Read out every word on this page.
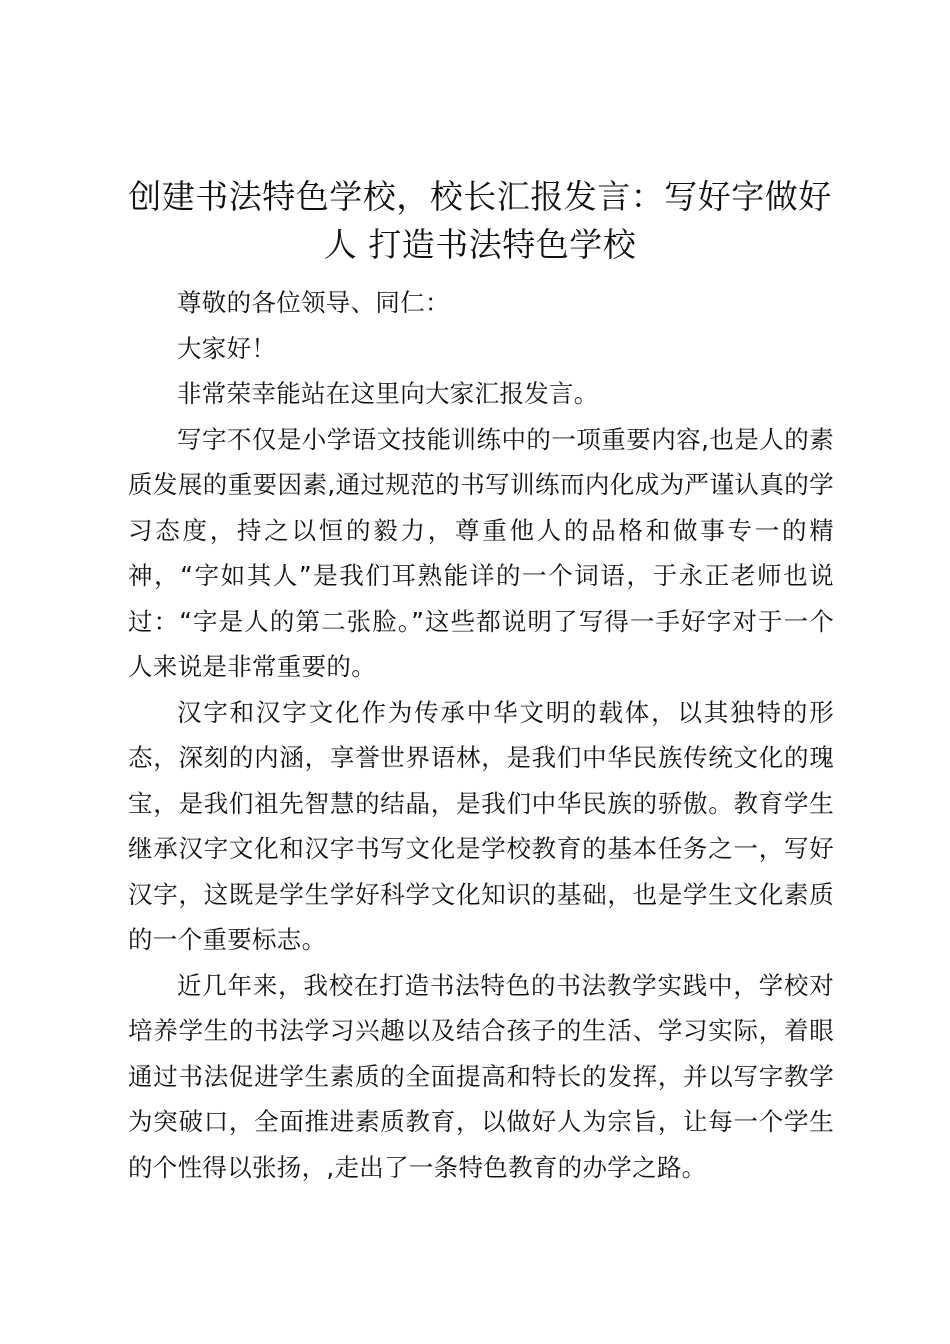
创建书法特色学校，校长汇报发言：写好字做好人 打造书法特色学校

尊敬的各位领导、同仁：

大家好！

非常荣幸能站在这里向大家汇报发言。

写字不仅是小学语文技能训练中的一项重要内容,也是人的素质发展的重要因素,通过规范的书写训练而内化成为严谨认真的学习态度，持之以恒的毅力，尊重他人的品格和做事专一的精神，“字如其人”是我们耳熟能详的一个词语，于永正老师也说过：“字是人的第二张脸。”这些都说明了写得一手好字对于一个人来说是非常重要的。

汉字和汉字文化作为传承中华文明的载体，以其独特的形态，深刻的内涵，享誉世界语林，是我们中华民族传统文化的瑰宝，是我们祖先智慧的结晶，是我们中华民族的骄傲。教育学生继承汉字文化和汉字书写文化是学校教育的基本任务之一，写好汉字，这既是学生学好科学文化知识的基础，也是学生文化素质的一个重要标志。

近几年来，我校在打造书法特色的书法教学实践中，学校对培养学生的书法学习兴趣以及结合孩子的生活、学习实际，着眼通过书法促进学生素质的全面提高和特长的发挥，并以写字教学为突破口，全面推进素质教育，以做好人为宗旨，让每一个学生的个性得以张扬，,走出了一条特色教育的办学之路。
